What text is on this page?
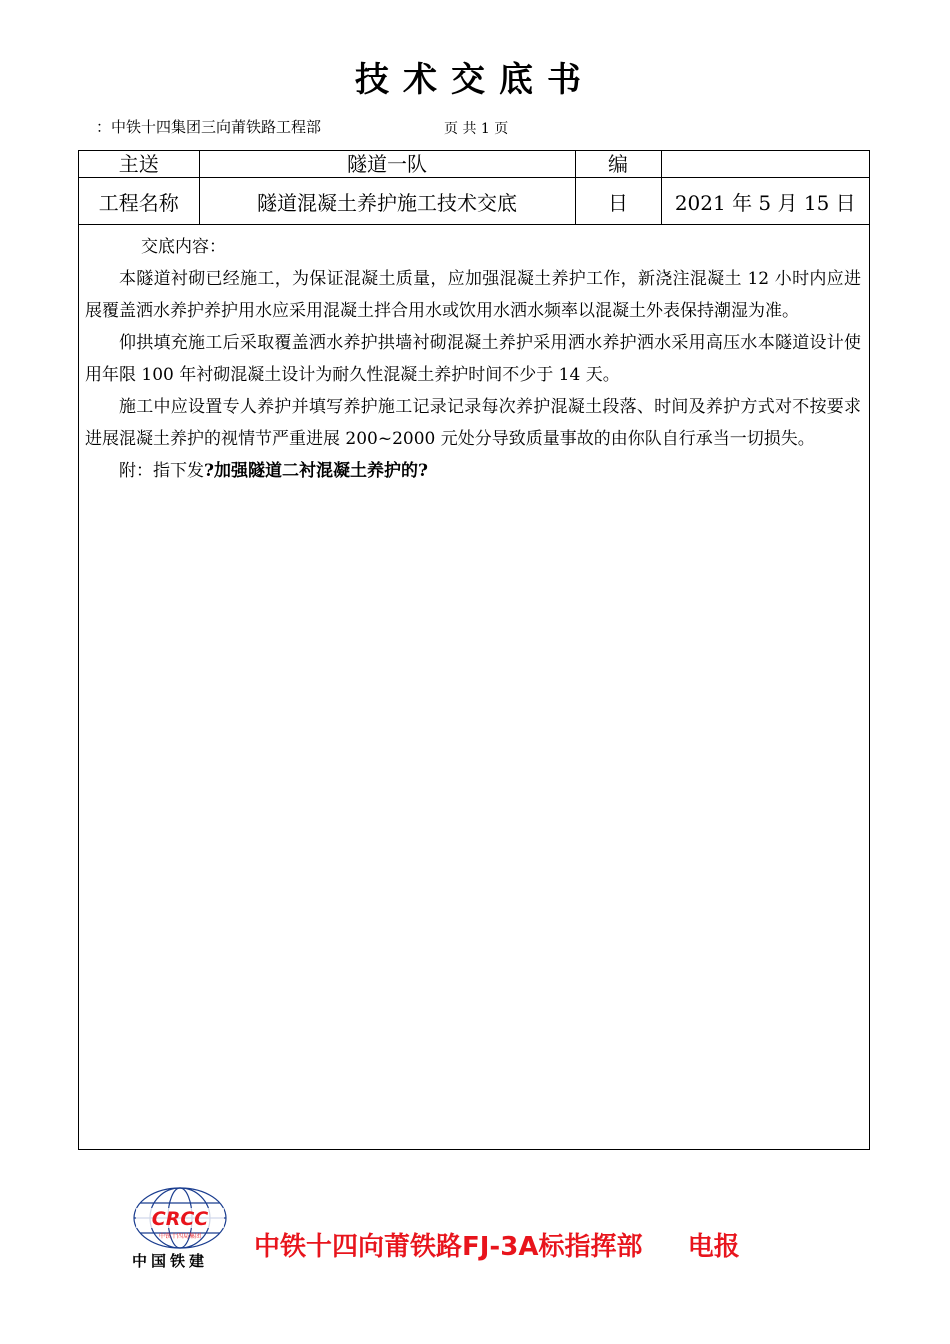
技术交底书
：中铁十四集团三向莆铁路工程部	页 共 1 页
主送	隧道一队	编	
工程名称	隧道混凝土养护施工技术交底	日	2021 年 5 月 15 日

交底内容：

本隧道衬砌已经施工，为保证混凝土质量，应加强混凝土养护工作，新浇注混凝土 12 小时内应进展覆盖洒水养护养护用水应采用混凝土拌合用水或饮用水洒水频率以混凝土外表保持潮湿为准。

仰拱填充施工后采取覆盖洒水养护拱墙衬砌混凝土养护采用洒水养护洒水采用高压水本隧道设计使用年限 100 年衬砌混凝土设计为耐久性混凝土养护时间不少于 14 天。

施工中应设置专人养护并填写养护施工记录记录每次养护混凝土段落、时间及养护方式对不按要求进展混凝土养护的视情节严重进展 200~2000 元处分导致质量事故的由你队自行承当一切损失。

附：指下发?加强隧道二衬混凝土养护的?

CRCC
中铁十四局集团
中国铁建 中铁十四向莆铁路FJ-3A标指挥部     电报
